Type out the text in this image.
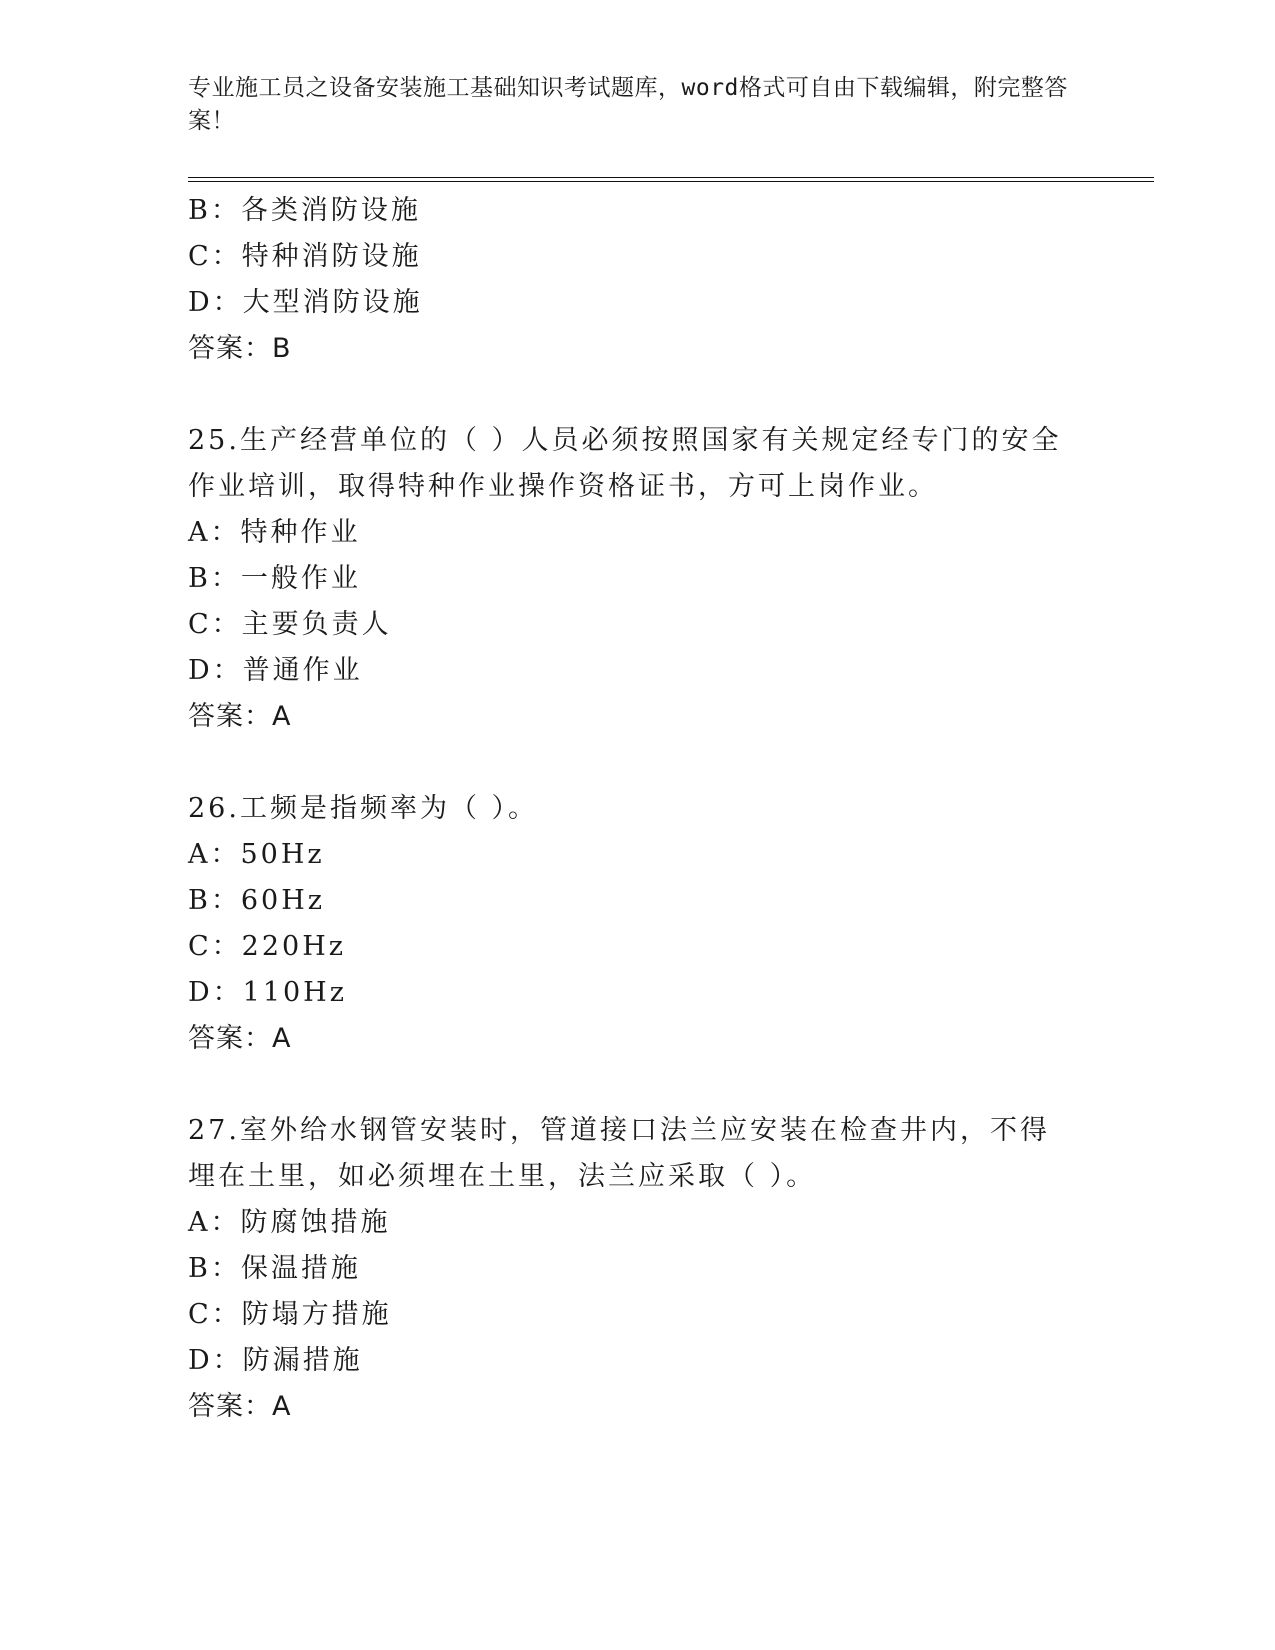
专业施工员之设备安装施工基础知识考试题库，word格式可自由下载编辑，附完整答案！
B：各类消防设施
C：特种消防设施
D：大型消防设施
答案：B
25.生产经营单位的（ ）人员必须按照国家有关规定经专门的安全作业培训，取得特种作业操作资格证书，方可上岗作业。
A：特种作业
B：一般作业
C：主要负责人
D：普通作业
答案：A
26.工频是指频率为（ ）。
A：50Hz
B：60Hz
C：220Hz
D：110Hz
答案：A
27.室外给水钢管安装时，管道接口法兰应安装在检查井内，不得埋在土里，如必须埋在土里，法兰应采取（ ）。
A：防腐蚀措施
B：保温措施
C：防塌方措施
D：防漏措施
答案：A
